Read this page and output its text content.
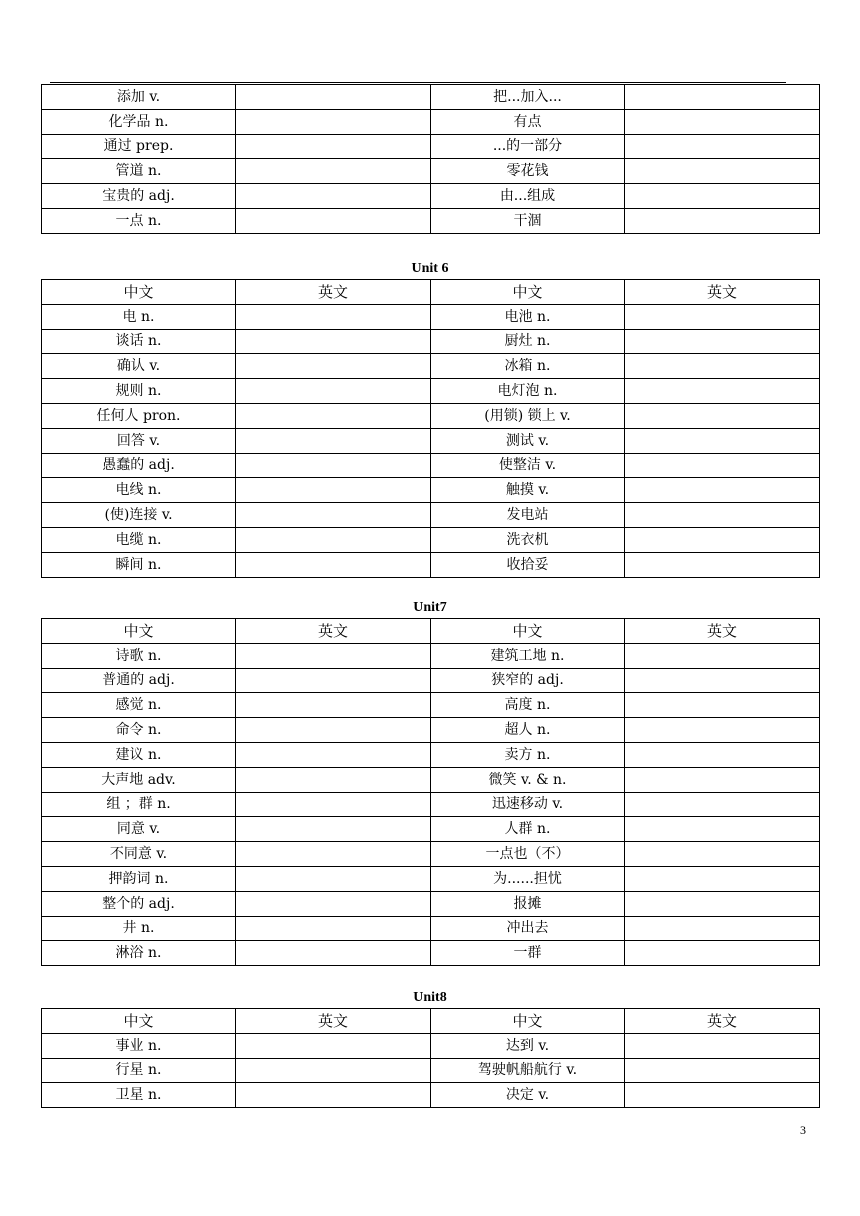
添加 v.		把...加入...	
化学品 n.		有点	
通过 prep.		...的一部分	
管道 n.		零花钱	
宝贵的 adj.		由...组成	
一点 n.		干涸	
Unit 6
中文	英文	中文	英文
电 n.		电池 n.	
谈话 n.		厨灶 n.	
确认 v.		冰箱 n.	
规则 n.		电灯泡 n.	
任何人 pron.		(用锁) 锁上 v.	
回答 v.		测试 v.	
愚蠢的 adj.		使整洁 v.	
电线 n.		触摸 v.	
(使)连接 v.		发电站	
电缆 n.		洗衣机	
瞬间 n.		收拾妥	
Unit7
中文	英文	中文	英文
诗歌 n.		建筑工地 n.	
普通的 adj.		狭窄的 adj.	
感觉 n.		高度 n.	
命令 n.		超人 n.	
建议 n.		卖方 n.	
大声地 adv.		微笑 v. & n.	
组 ；群 n.		迅速移动 v.	
同意 v.		人群 n.	
不同意 v.		一点也（不）	
押韵词 n.		为......担忧	
整个的 adj.		报摊	
井 n.		冲出去	
淋浴 n.		一群	
Unit8
中文	英文	中文	英文
事业 n.		达到 v.	
行星 n.		驾驶帆船航行 v.	
卫星 n.		决定 v.	
3
